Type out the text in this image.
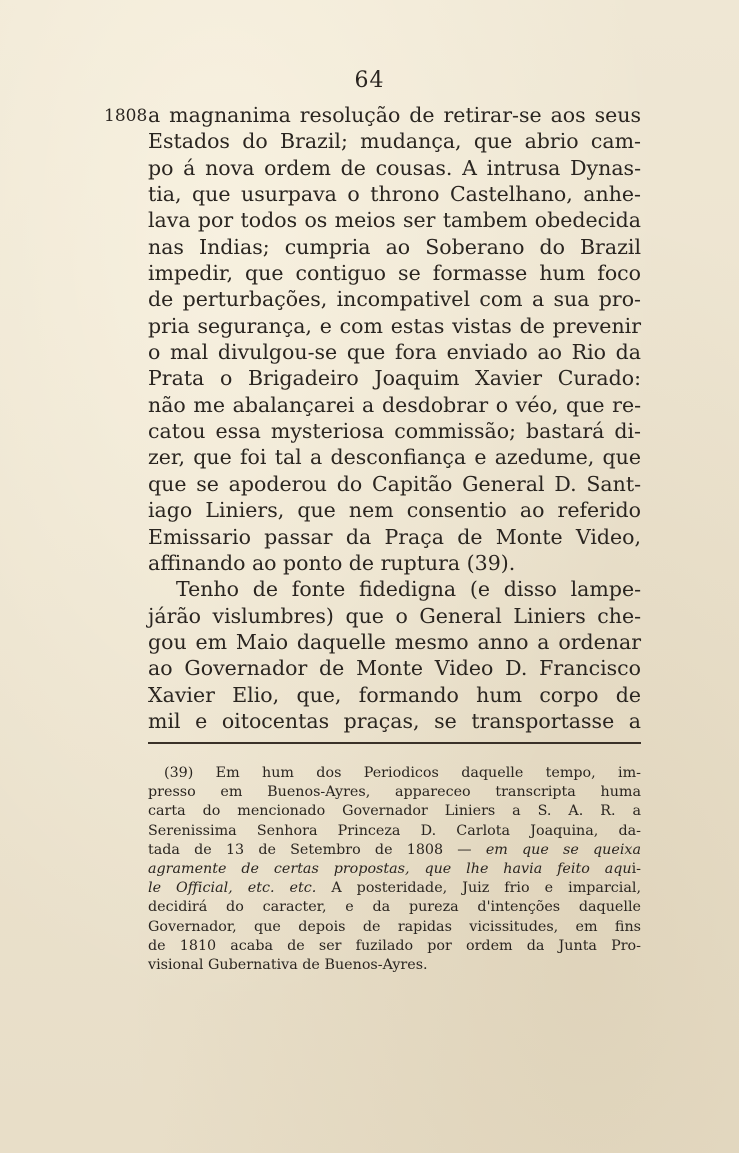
64
1808 a magnanima resolução de retirar-se aos seus
Estados do Brazil; mudança, que abrio cam-
po á nova ordem de cousas. A intrusa Dynas-
tia, que usurpava o throno Castelhano, anhe-
lava por todos os meios ser tambem obedecida
nas Indias; cumpria ao Soberano do Brazil
impedir, que contiguo se formasse hum foco
de perturbações, incompativel com a sua pro-
pria segurança, e com estas vistas de prevenir
o mal divulgou-se que fora enviado ao Rio da
Prata o Brigadeiro Joaquim Xavier Curado:
não me abalançarei a desdobrar o véo, que re-
catou essa mysteriosa commissão; bastará di-
zer, que foi tal a desconfiança e azedume, que
que se apoderou do Capitão General D. Sant-
iago Liniers, que nem consentio ao referido
Emissario passar da Praça de Monte Video,
affinando ao ponto de ruptura (39).
Tenho de fonte fidedigna (e disso lampe-
járão vislumbres) que o General Liniers che-
gou em Maio daquelle mesmo anno a ordenar
ao Governador de Monte Video D. Francisco
Xavier Elio, que, formando hum corpo de
mil e oitocentas praças, se transportasse a
(39) Em hum dos Periodicos daquelle tempo, im-
presso em Buenos-Ayres, appareceo transcripta huma
carta do mencionado Governador Liniers a S. A. R. a
Serenissima Senhora Princeza D. Carlota Joaquina, da-
tada de 13 de Setembro de 1808 — em que se queixa
agramente de certas propostas, que lhe havia feito aqui-
le Official, etc. etc. A posteridade, Juiz frio e imparcial,
decidirá do caracter, e da pureza d'intenções daquelle
Governador, que depois de rapidas vicissitudes, em fins
de 1810 acaba de ser fuzilado por ordem da Junta Pro-
visional Gubernativa de Buenos-Ayres.
